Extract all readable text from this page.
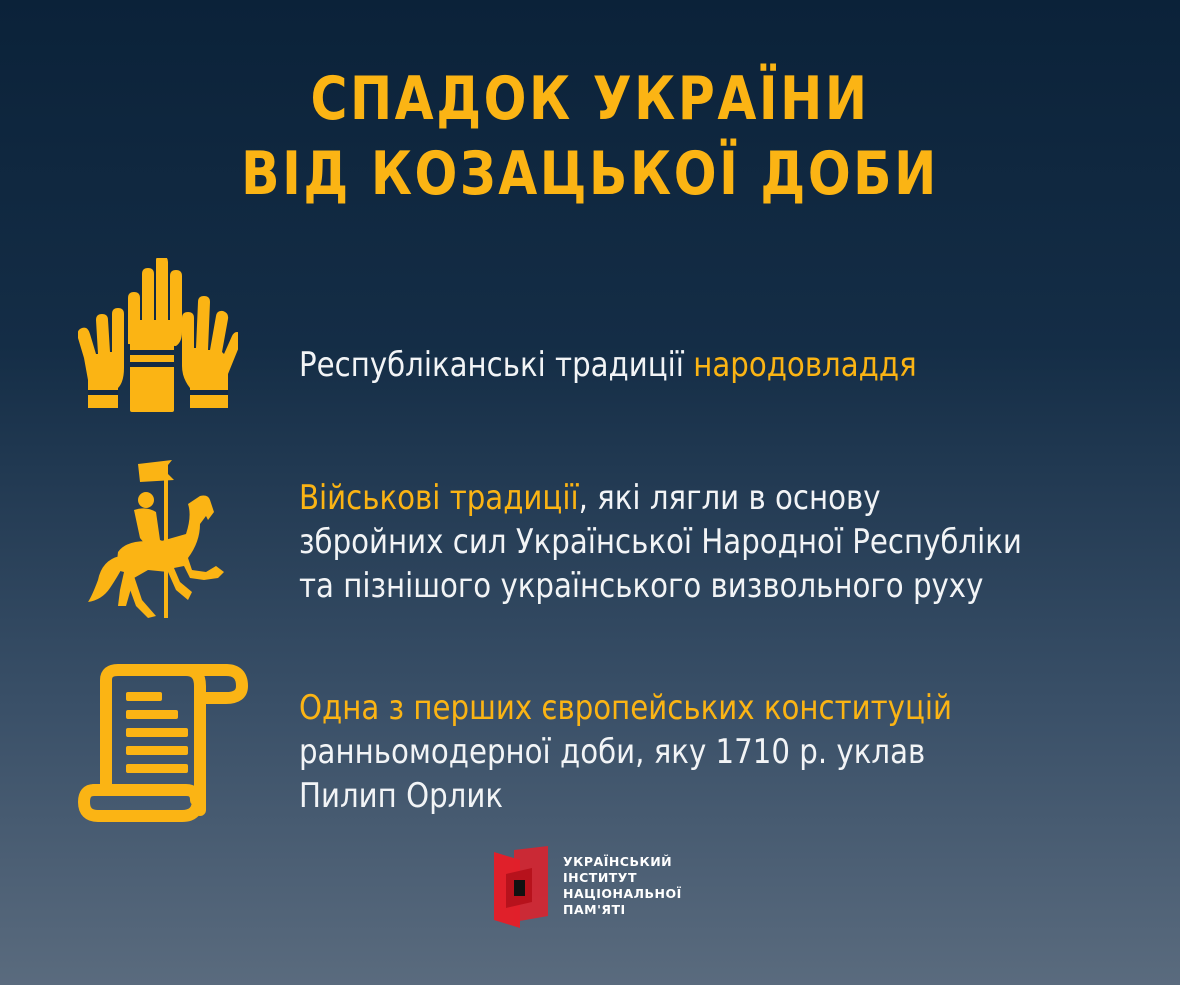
СПАДОК УКРАЇНИ
ВІД КОЗАЦЬКОЇ ДОБИ
Республіканські традиції народовладдя
Військові традиції, які лягли в основу
збройних сил Української Народної Республіки
та пізнішого українського визвольного руху
Одна з перших європейських конституцій
ранньомодерної доби, яку 1710 р. уклав
Пилип Орлик
УКРАЇНСЬКИЙ
ІНСТИТУТ
НАЦІОНАЛЬНОЇ
ПАМ'ЯТІ
